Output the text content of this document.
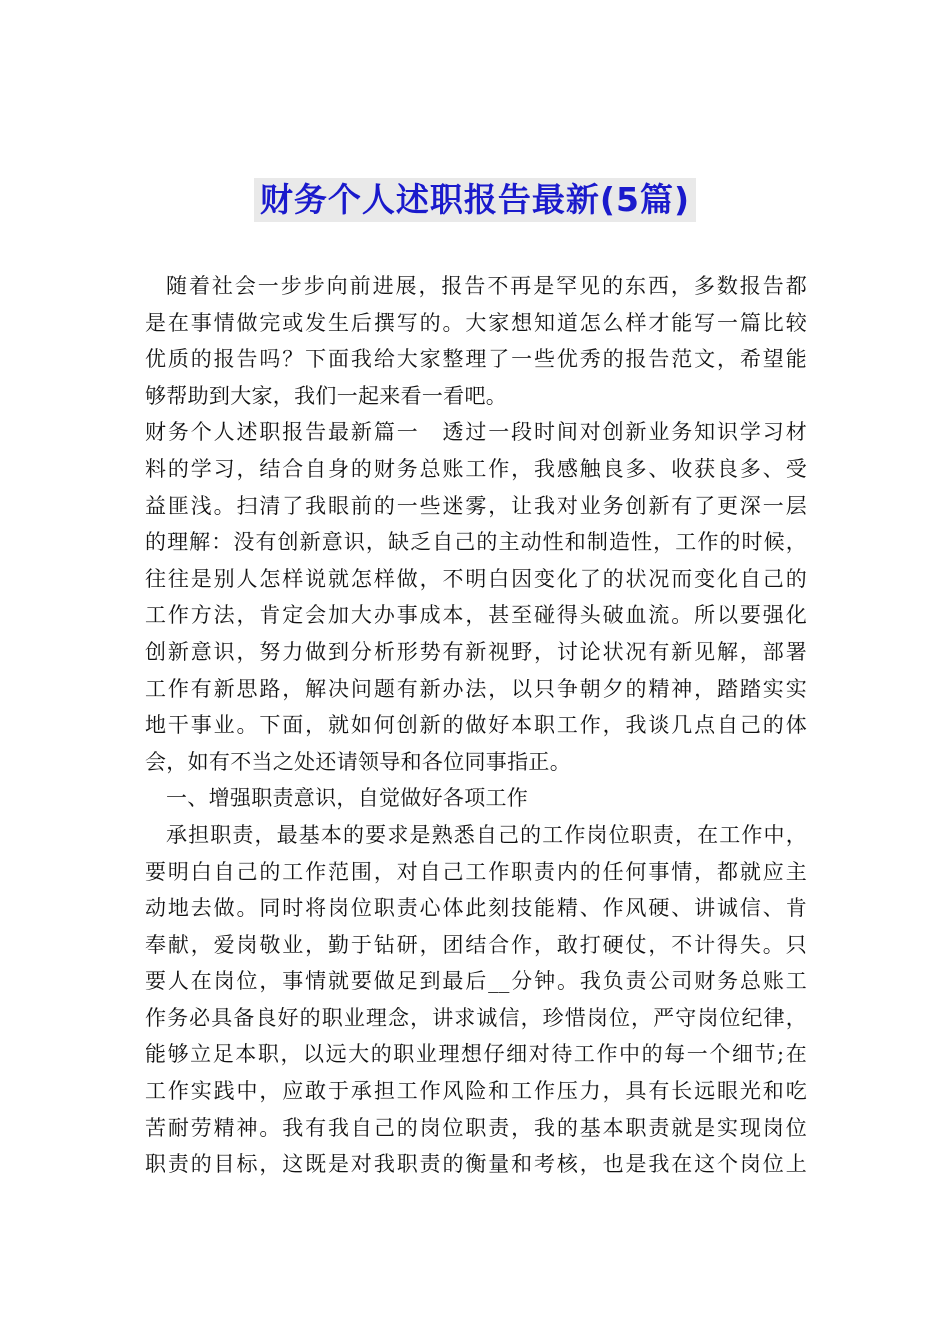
财务个人述职报告最新(5篇)
随着社会一步步向前进展，报告不再是罕见的东西，多数报告都
是在事情做完或发生后撰写的。大家想知道怎么样才能写一篇比较
优质的报告吗？下面我给大家整理了一些优秀的报告范文，希望能
够帮助到大家，我们一起来看一看吧。
财务个人述职报告最新篇一　透过一段时间对创新业务知识学习材
料的学习，结合自身的财务总账工作，我感触良多、收获良多、受
益匪浅。扫清了我眼前的一些迷雾，让我对业务创新有了更深一层
的理解：没有创新意识，缺乏自己的主动性和制造性，工作的时候，
往往是别人怎样说就怎样做，不明白因变化了的状况而变化自己的
工作方法，肯定会加大办事成本，甚至碰得头破血流。所以要强化
创新意识，努力做到分析形势有新视野，讨论状况有新见解，部署
工作有新思路，解决问题有新办法，以只争朝夕的精神，踏踏实实
地干事业。下面，就如何创新的做好本职工作，我谈几点自己的体
会，如有不当之处还请领导和各位同事指正。
一、增强职责意识，自觉做好各项工作
承担职责，最基本的要求是熟悉自己的工作岗位职责，在工作中，
要明白自己的工作范围，对自己工作职责内的任何事情，都就应主
动地去做。同时将岗位职责心体此刻技能精、作风硬、讲诚信、肯
奉献，爱岗敬业，勤于钻研，团结合作，敢打硬仗，不计得失。只
要人在岗位，事情就要做足到最后__分钟。我负责公司财务总账工
作务必具备良好的职业理念，讲求诚信，珍惜岗位，严守岗位纪律，
能够立足本职，以远大的职业理想仔细对待工作中的每一个细节;在
工作实践中，应敢于承担工作风险和工作压力，具有长远眼光和吃
苦耐劳精神。我有我自己的岗位职责，我的基本职责就是实现岗位
职责的目标，这既是对我职责的衡量和考核，也是我在这个岗位上
